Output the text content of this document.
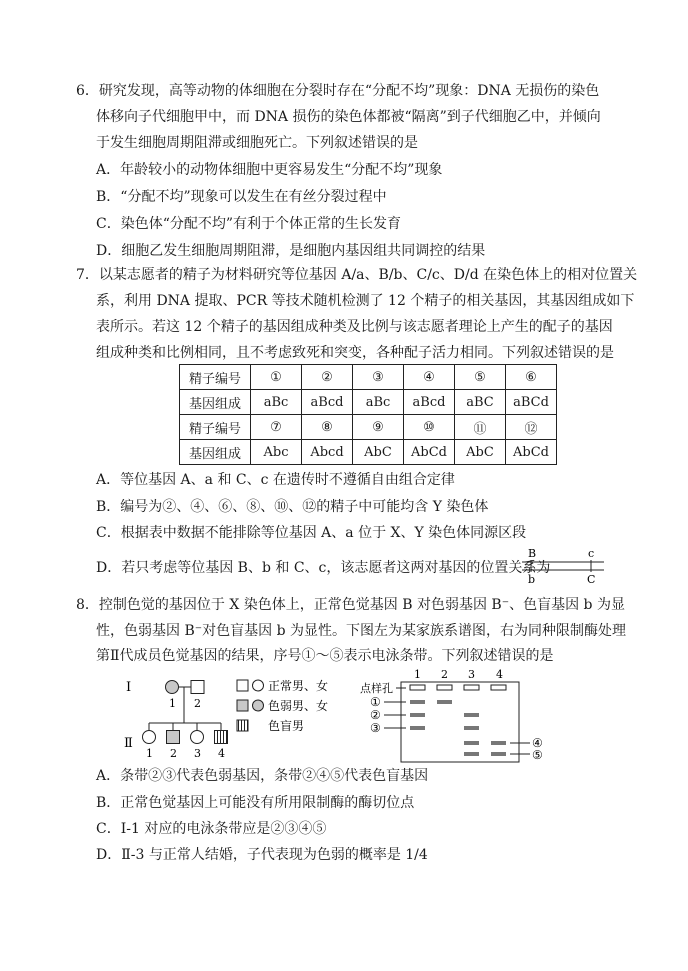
6．研究发现，高等动物的体细胞在分裂时存在“分配不均”现象：DNA 无损伤的染色
体移向子代细胞甲中，而 DNA 损伤的染色体都被“隔离”到子代细胞乙中，并倾向
于发生细胞周期阻滞或细胞死亡。下列叙述错误的是
A．年龄较小的动物体细胞中更容易发生“分配不均”现象
B．“分配不均”现象可以发生在有丝分裂过程中
C．染色体“分配不均”有利于个体正常的生长发育
D．细胞乙发生细胞周期阻滞，是细胞内基因组共同调控的结果
7．以某志愿者的精子为材料研究等位基因 A/a、B/b、C/c、D/d 在染色体上的相对位置关
系，利用 DNA 提取、PCR 等技术随机检测了 12 个精子的相关基因，其基因组成如下
表所示。若这 12 个精子的基因组成种类及比例与该志愿者理论上产生的配子的基因
组成种类和比例相同，且不考虑致死和突变，各种配子活力相同。下列叙述错误的是
精子编号	①	②	③	④	⑤	⑥
基因组成	aBc	aBcd	aBc	aBcd	aBC	aBCd
精子编号	⑦	⑧	⑨	⑩	⑪	⑫
基因组成	Abc	Abcd	AbC	AbCd	AbC	AbCd
A．等位基因 A、a 和 C、c 在遗传时不遵循自由组合定律
B．编号为②、④、⑥、⑧、⑩、⑫的精子中可能均含 Y 染色体
C．根据表中数据不能排除等位基因 A、a 位于 X、Y 染色体同源区段
D．若只考虑等位基因 B、b 和 C、c，该志愿者这两对基因的位置关系为
B	c
b	C
8．控制色觉的基因位于 X 染色体上，正常色觉基因 B 对色弱基因 B⁻、色盲基因 b 为显
性，色弱基因 B⁻对色盲基因 b 为显性。下图左为某家族系谱图，右为同种限制酶处理
第Ⅱ代成员色觉基因的结果，序号①～⑤表示电泳条带。下列叙述错误的是
Ⅰ
Ⅱ
1 2
1 2 3 4
正常男、女
色弱男、女
色盲男
1 2 3 4
点样孔
①
②
③
④
⑤
A．条带②③代表色弱基因，条带②④⑤代表色盲基因
B．正常色觉基因上可能没有所用限制酶的酶切位点
C．Ⅰ-1 对应的电泳条带应是②③④⑤
D．Ⅱ-3 与正常人结婚，子代表现为色弱的概率是 1/4
